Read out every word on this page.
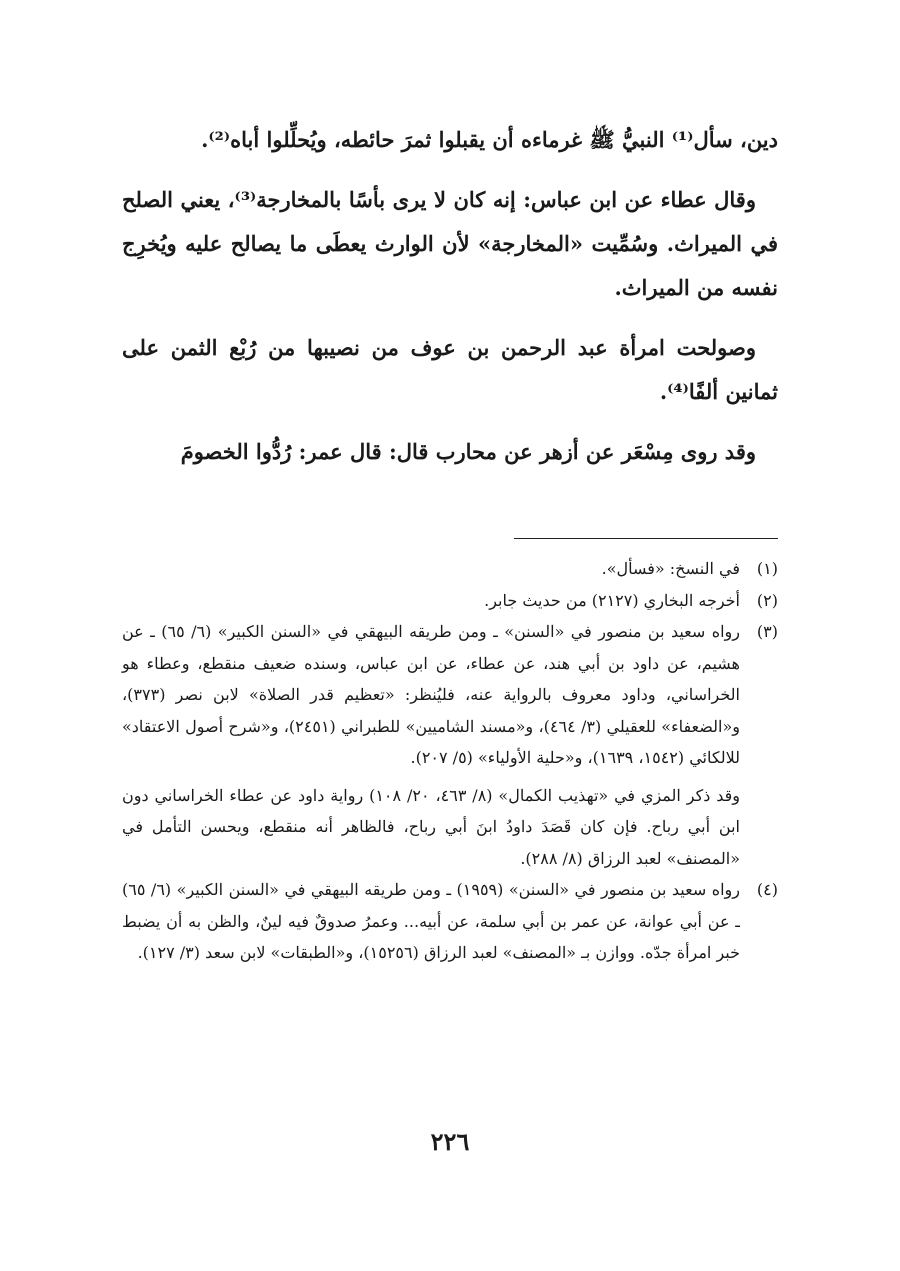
دين، سأل⁽¹⁾ النبيُّ ﷺ غرماءه أن يقبلوا ثمرَ حائطه، ويُحلِّلوا أباه⁽²⁾.

وقال عطاء عن ابن عباس: إنه كان لا يرى بأسًا بالمخارجة⁽³⁾، يعني الصلح في الميراث. وسُمِّيت «المخارجة» لأن الوارث يعطَى ما يصالح عليه ويُخرِج نفسه من الميراث.

وصولحت امرأة عبد الرحمن بن عوف من نصيبها من رُبْع الثمن على ثمانين ألفًا⁽⁴⁾.

وقد روى مِسْعَر عن أزهر عن محارب قال: قال عمر: رُدُّوا الخصومَ

(١)
في النسخ: «فسأل».
(٢)
أخرجه البخاري (٢١٢٧) من حديث جابر.
(٣)
رواه سعيد بن منصور في «السنن» ـ ومن طريقه البيهقي في «السنن الكبير» (٦/ ٦٥) ـ عن هشيم، عن داود بن أبي هند، عن عطاء، عن ابن عباس، وسنده ضعيف منقطع، وعطاء هو الخراساني، وداود معروف بالرواية عنه، فليُنظر: «تعظيم قدر الصلاة» لابن نصر (٣٧٣)، و«الضعفاء» للعقيلي (٣/ ٤٦٤)، و«مسند الشاميين» للطبراني (٢٤٥١)، و«شرح أصول الاعتقاد» للالكائي (١٥٤٢، ١٦٣٩)، و«حلية الأولياء» (٥/ ٢٠٧).
وقد ذكر المزي في «تهذيب الكمال» (٨/ ٤٦٣، ٢٠/ ١٠٨) رواية داود عن عطاء الخراساني دون ابن أبي رباح. فإن كان قَصَدَ داودُ ابنَ أبي رباح، فالظاهر أنه منقطع، ويحسن التأمل في «المصنف» لعبد الرزاق (٨/ ٢٨٨).
(٤)
رواه سعيد بن منصور في «السنن» (١٩٥٩) ـ ومن طريقه البيهقي في «السنن الكبير» (٦/ ٦٥) ـ عن أبي عوانة، عن عمر بن أبي سلمة، عن أبيه... وعمرُ صدوقٌ فيه لينٌ، والظن به أن يضبط خبر امرأة جدّه. ووازن بـ «المصنف» لعبد الرزاق (١٥٢٥٦)، و«الطبقات» لابن سعد (٣/ ١٢٧).
٢٢٦
